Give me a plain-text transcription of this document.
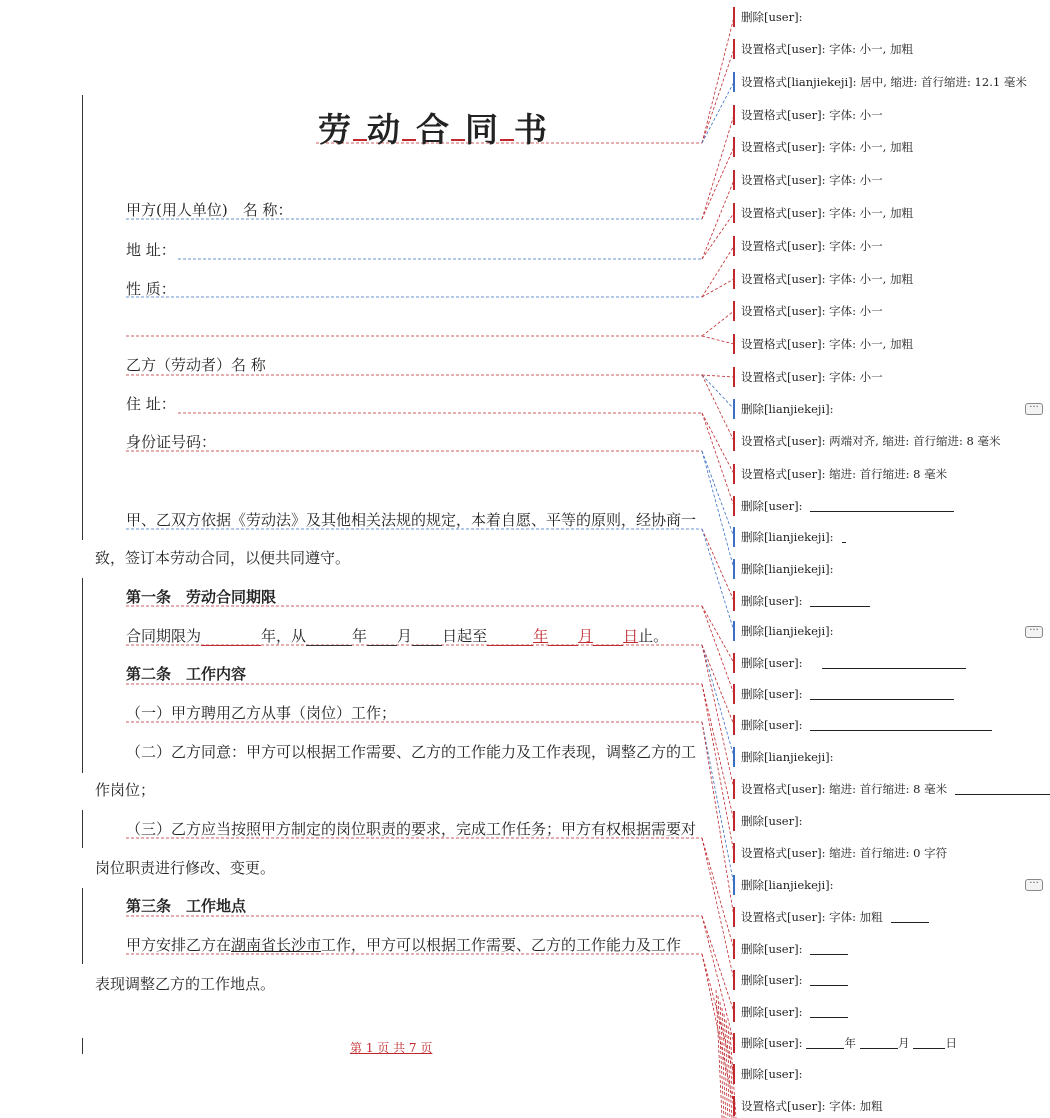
劳 动 合 同 书
甲方(用人单位)　名 称：
地 址：
性 质：
乙方（劳动者）名 称
住 址：
身份证号码：
甲、乙双方依据《劳动法》及其他相关法规的规定，本着自愿、平等的原则，经协商一
致，签订本劳动合同，以便共同遵守。
第一条　劳动合同期限
合同期限为	年，从	年 月 日起至	年 月 日止。
第二条　工作内容
（一）甲方聘用乙方从事（岗位）工作；
（二）乙方同意：甲方可以根据工作需要、乙方的工作能力及工作表现，调整乙方的工
作岗位；
（三）乙方应当按照甲方制定的岗位职责的要求，完成工作任务；甲方有权根据需要对
岗位职责进行修改、变更。
第三条　工作地点
甲方安排乙方在湖南省长沙市工作，甲方可以根据工作需要、乙方的工作能力及工作
表现调整乙方的工作地点。
第 1 页 共 7 页
删除[user]:
设置格式[user]: 字体: 小一, 加粗
设置格式[lianjiekeji]: 居中, 缩进: 首行缩进: 12.1 毫米
设置格式[user]: 字体: 小一
设置格式[user]: 字体: 小一, 加粗
设置格式[user]: 字体: 小一
设置格式[user]: 字体: 小一, 加粗
设置格式[user]: 字体: 小一
设置格式[user]: 字体: 小一, 加粗
设置格式[user]: 字体: 小一
设置格式[user]: 字体: 小一, 加粗
设置格式[user]: 字体: 小一
删除[lianjiekeji]:
设置格式[user]: 两端对齐, 缩进: 首行缩进: 8 毫米
设置格式[user]: 缩进: 首行缩进: 8 毫米
删除[user]:
删除[lianjiekeji]:
删除[lianjiekeji]:
删除[user]:
删除[lianjiekeji]:
删除[user]:
删除[user]:
删除[user]:
删除[lianjiekeji]:
设置格式[user]: 缩进: 首行缩进: 8 毫米
删除[user]:
设置格式[user]: 缩进: 首行缩进: 0 字符
删除[lianjiekeji]:
设置格式[user]: 字体: 加粗
删除[user]:
删除[user]:
删除[user]:
删除[user]:	年	月	日
删除[user]:
设置格式[user]: 字体: 加粗
···
···
···
